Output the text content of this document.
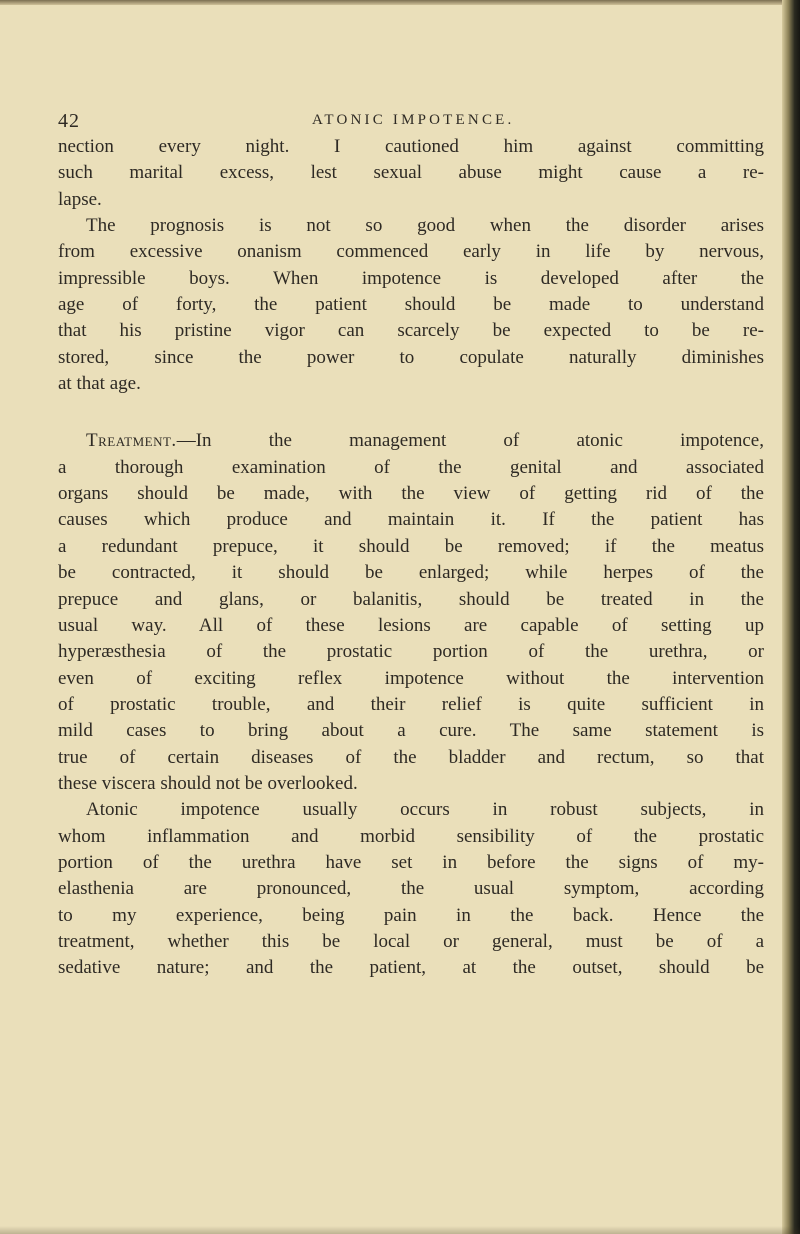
42	ATONIC IMPOTENCE.
nection every night. I cautioned him against committing
such marital excess, lest sexual abuse might cause a re-
lapse.
The prognosis is not so good when the disorder arises
from excessive onanism commenced early in life by nervous,
impressible boys. When impotence is developed after the
age of forty, the patient should be made to understand
that his pristine vigor can scarcely be expected to be re-
stored, since the power to copulate naturally diminishes
at that age.
Treatment.—In the management of atonic impotence,
a thorough examination of the genital and associated
organs should be made, with the view of getting rid of the
causes which produce and maintain it. If the patient has
a redundant prepuce, it should be removed; if the meatus
be contracted, it should be enlarged; while herpes of the
prepuce and glans, or balanitis, should be treated in the
usual way. All of these lesions are capable of setting up
hyperæsthesia of the prostatic portion of the urethra, or
even of exciting reflex impotence without the intervention
of prostatic trouble, and their relief is quite sufficient in
mild cases to bring about a cure. The same statement is
true of certain diseases of the bladder and rectum, so that
these viscera should not be overlooked.
Atonic impotence usually occurs in robust subjects, in
whom inflammation and morbid sensibility of the prostatic
portion of the urethra have set in before the signs of my-
elasthenia are pronounced, the usual symptom, according
to my experience, being pain in the back. Hence the
treatment, whether this be local or general, must be of a
sedative nature; and the patient, at the outset, should be
